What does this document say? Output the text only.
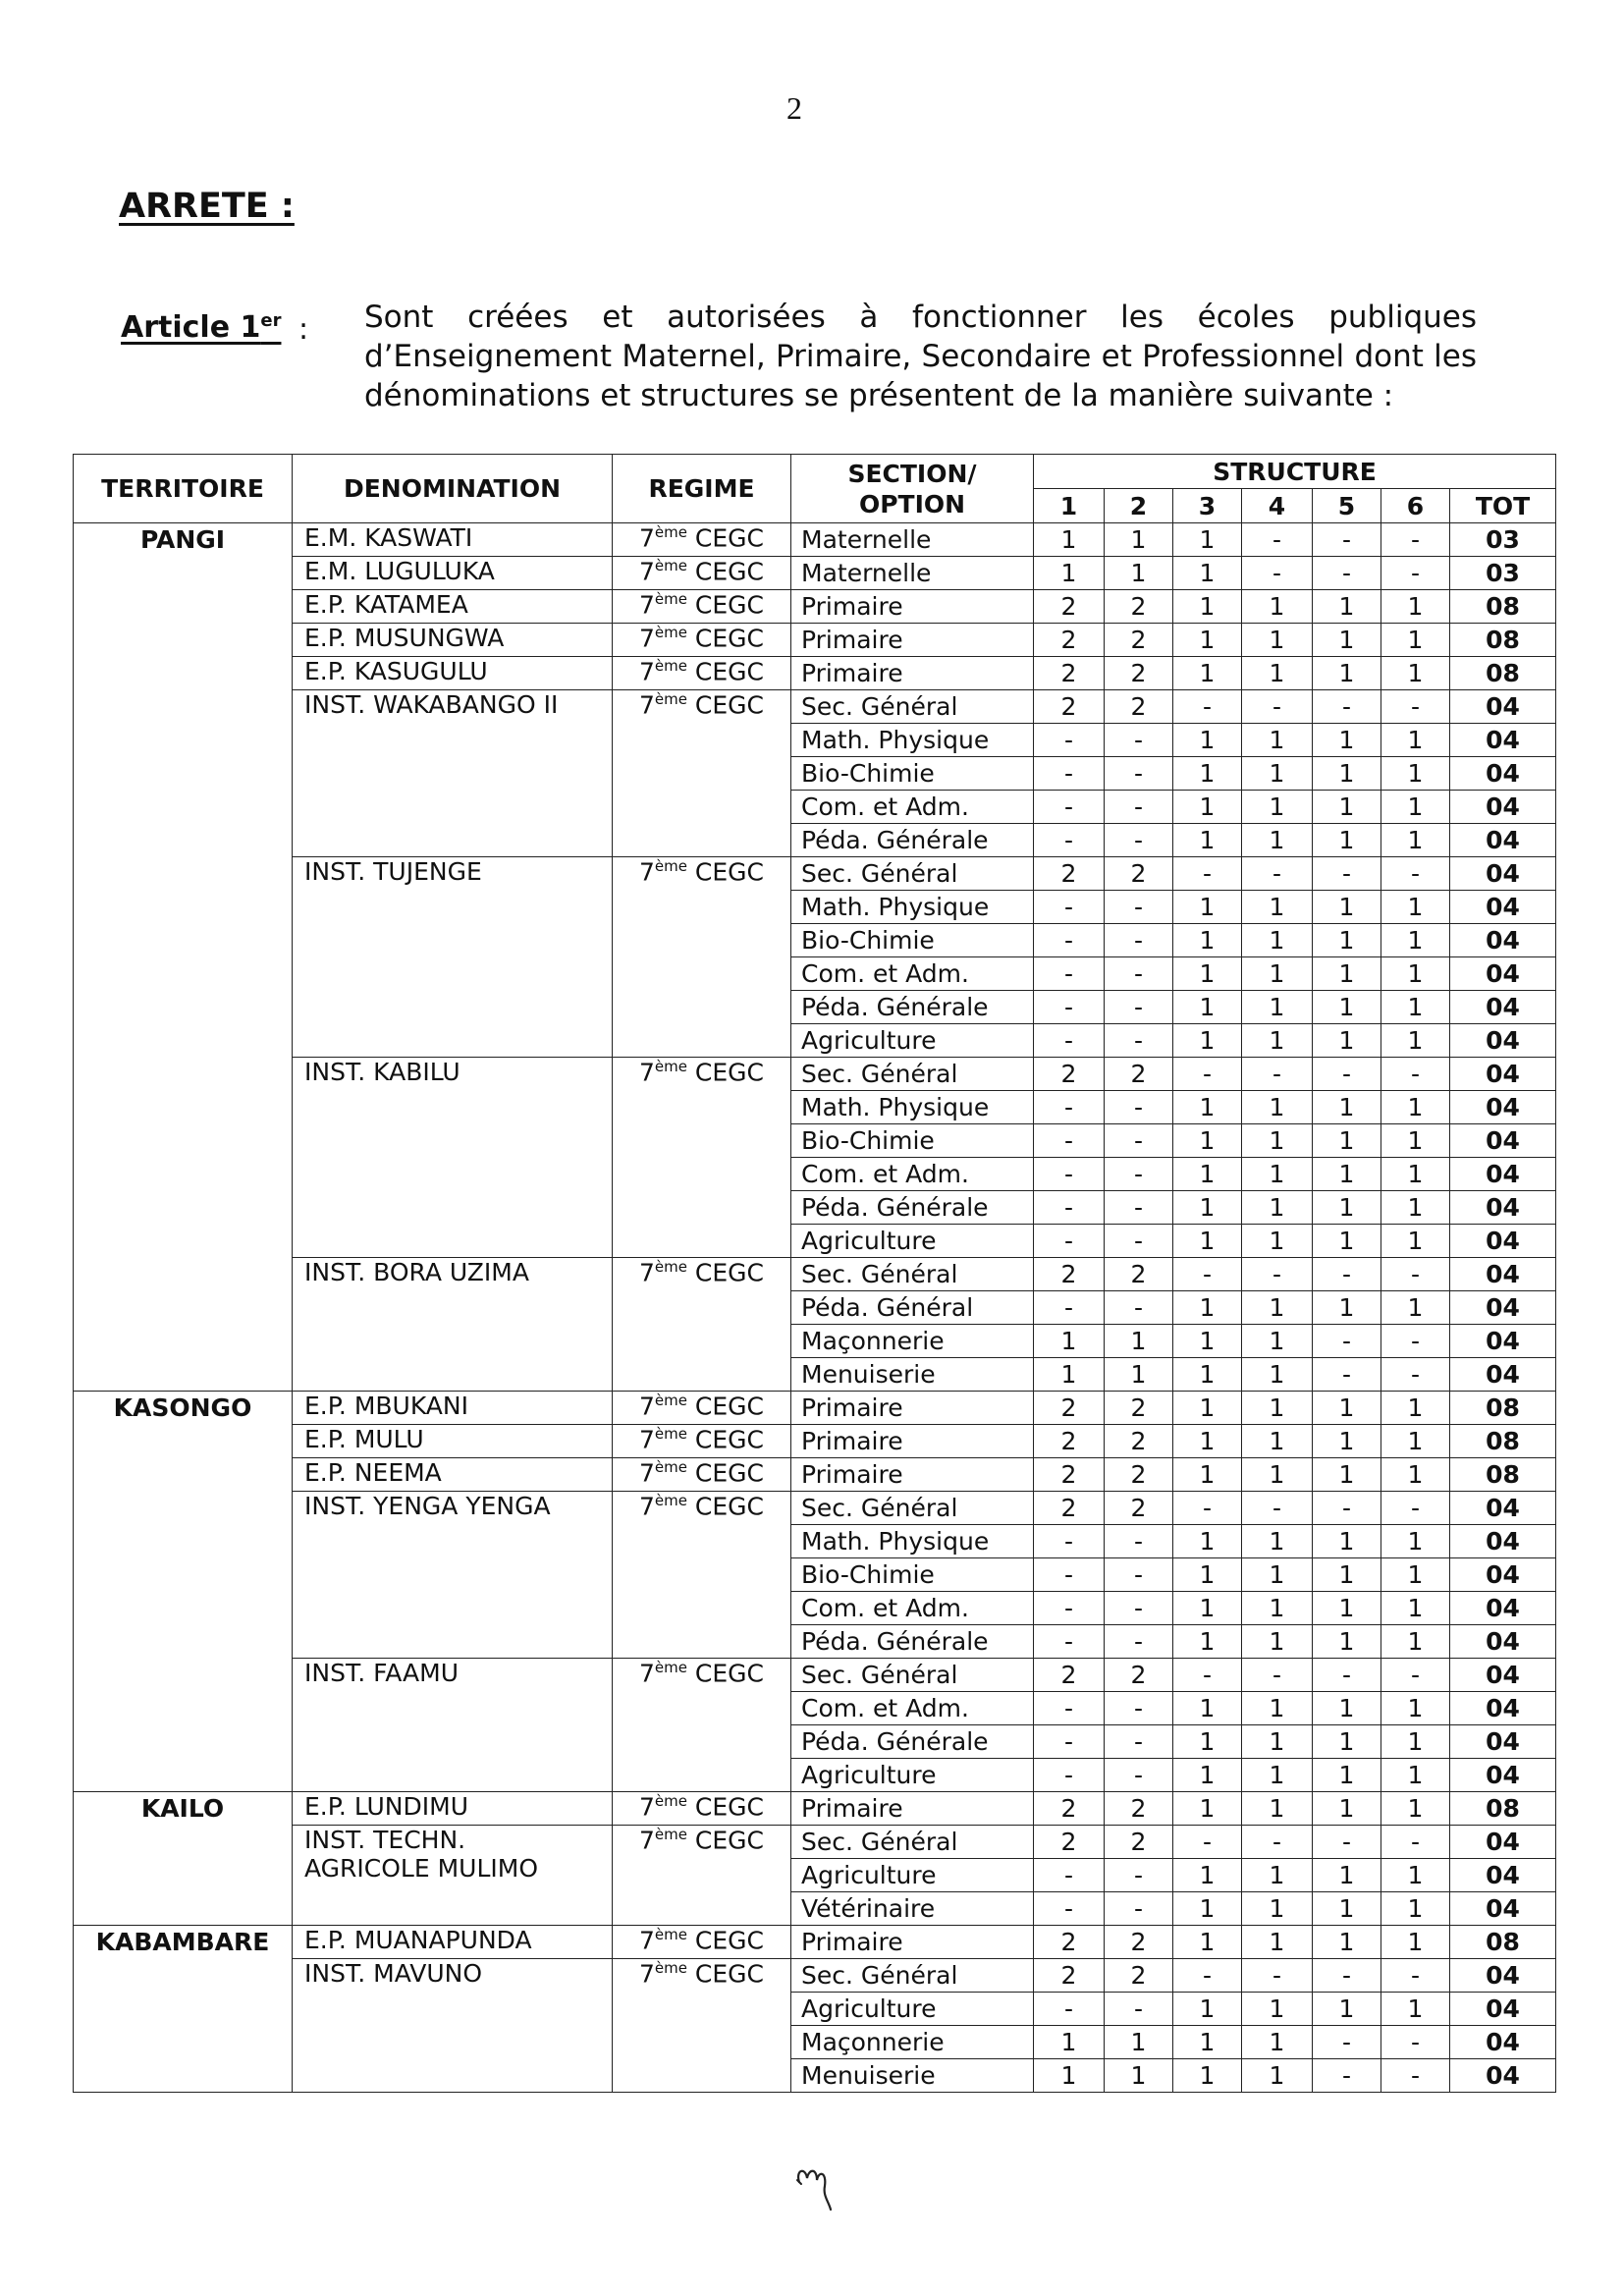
2
ARRETE :
Article 1er : Sont créées et autorisées à fonctionner les écoles publiques
d’Enseignement Maternel, Primaire, Secondaire et Professionnel dont les
dénominations et structures se présentent de la manière suivante :
TERRITOIRE	DENOMINATION	REGIME	SECTION/
OPTION	STRUCTURE						
				1	2	3	4	5	6	TOT
PANGI	E.M. KASWATI	7ème CEGC	Maternelle	1	1	1	-	-	-	03

	E.M. LUGULUKA	7ème CEGC	Maternelle	1	1	1	-	-	-	03

	E.P. KATAMEA	7ème CEGC	Primaire	2	2	1	1	1	1	08

	E.P. MUSUNGWA	7ème CEGC	Primaire	2	2	1	1	1	1	08

	E.P. KASUGULU	7ème CEGC	Primaire	2	2	1	1	1	1	08

	INST. WAKABANGO II	7ème CEGC	Sec. Général	2	2	-	-	-	-	04
			Math. Physique	-	-	1	1	1	1	04
			Bio-Chimie	-	-	1	1	1	1	04
			Com. et Adm.	-	-	1	1	1	1	04
			Péda. Générale	-	-	1	1	1	1	04

	INST. TUJENGE	7ème CEGC	Sec. Général	2	2	-	-	-	-	04
			Math. Physique	-	-	1	1	1	1	04
			Bio-Chimie	-	-	1	1	1	1	04
			Com. et Adm.	-	-	1	1	1	1	04
			Péda. Générale	-	-	1	1	1	1	04
			Agriculture	-	-	1	1	1	1	04

	INST. KABILU	7ème CEGC	Sec. Général	2	2	-	-	-	-	04
			Math. Physique	-	-	1	1	1	1	04
			Bio-Chimie	-	-	1	1	1	1	04
			Com. et Adm.	-	-	1	1	1	1	04
			Péda. Générale	-	-	1	1	1	1	04
			Agriculture	-	-	1	1	1	1	04

	INST. BORA UZIMA	7ème CEGC	Sec. Général	2	2	-	-	-	-	04
			Péda. Général	-	-	1	1	1	1	04
			Maçonnerie	1	1	1	1	-	-	04
			Menuiserie	1	1	1	1	-	-	04
KASONGO	E.P. MBUKANI	7ème CEGC	Primaire	2	2	1	1	1	1	08

	E.P. MULU	7ème CEGC	Primaire	2	2	1	1	1	1	08

	E.P. NEEMA	7ème CEGC	Primaire	2	2	1	1	1	1	08

	INST. YENGA YENGA	7ème CEGC	Sec. Général	2	2	-	-	-	-	04
			Math. Physique	-	-	1	1	1	1	04
			Bio-Chimie	-	-	1	1	1	1	04
			Com. et Adm.	-	-	1	1	1	1	04
			Péda. Générale	-	-	1	1	1	1	04

	INST. FAAMU	7ème CEGC	Sec. Général	2	2	-	-	-	-	04
			Com. et Adm.	-	-	1	1	1	1	04
			Péda. Générale	-	-	1	1	1	1	04
			Agriculture	-	-	1	1	1	1	04
KAILO	E.P. LUNDIMU	7ème CEGC	Primaire	2	2	1	1	1	1	08

	INST. TECHN.
AGRICOLE MULIMO	7ème CEGC	Sec. Général	2	2	-	-	-	-	04
			Agriculture	-	-	1	1	1	1	04
			Vétérinaire	-	-	1	1	1	1	04
KABAMBARE	E.P. MUANAPUNDA	7ème CEGC	Primaire	2	2	1	1	1	1	08

	INST. MAVUNO	7ème CEGC	Sec. Général	2	2	-	-	-	-	04
			Agriculture	-	-	1	1	1	1	04
			Maçonnerie	1	1	1	1	-	-	04
			Menuiserie	1	1	1	1	-	-	04
